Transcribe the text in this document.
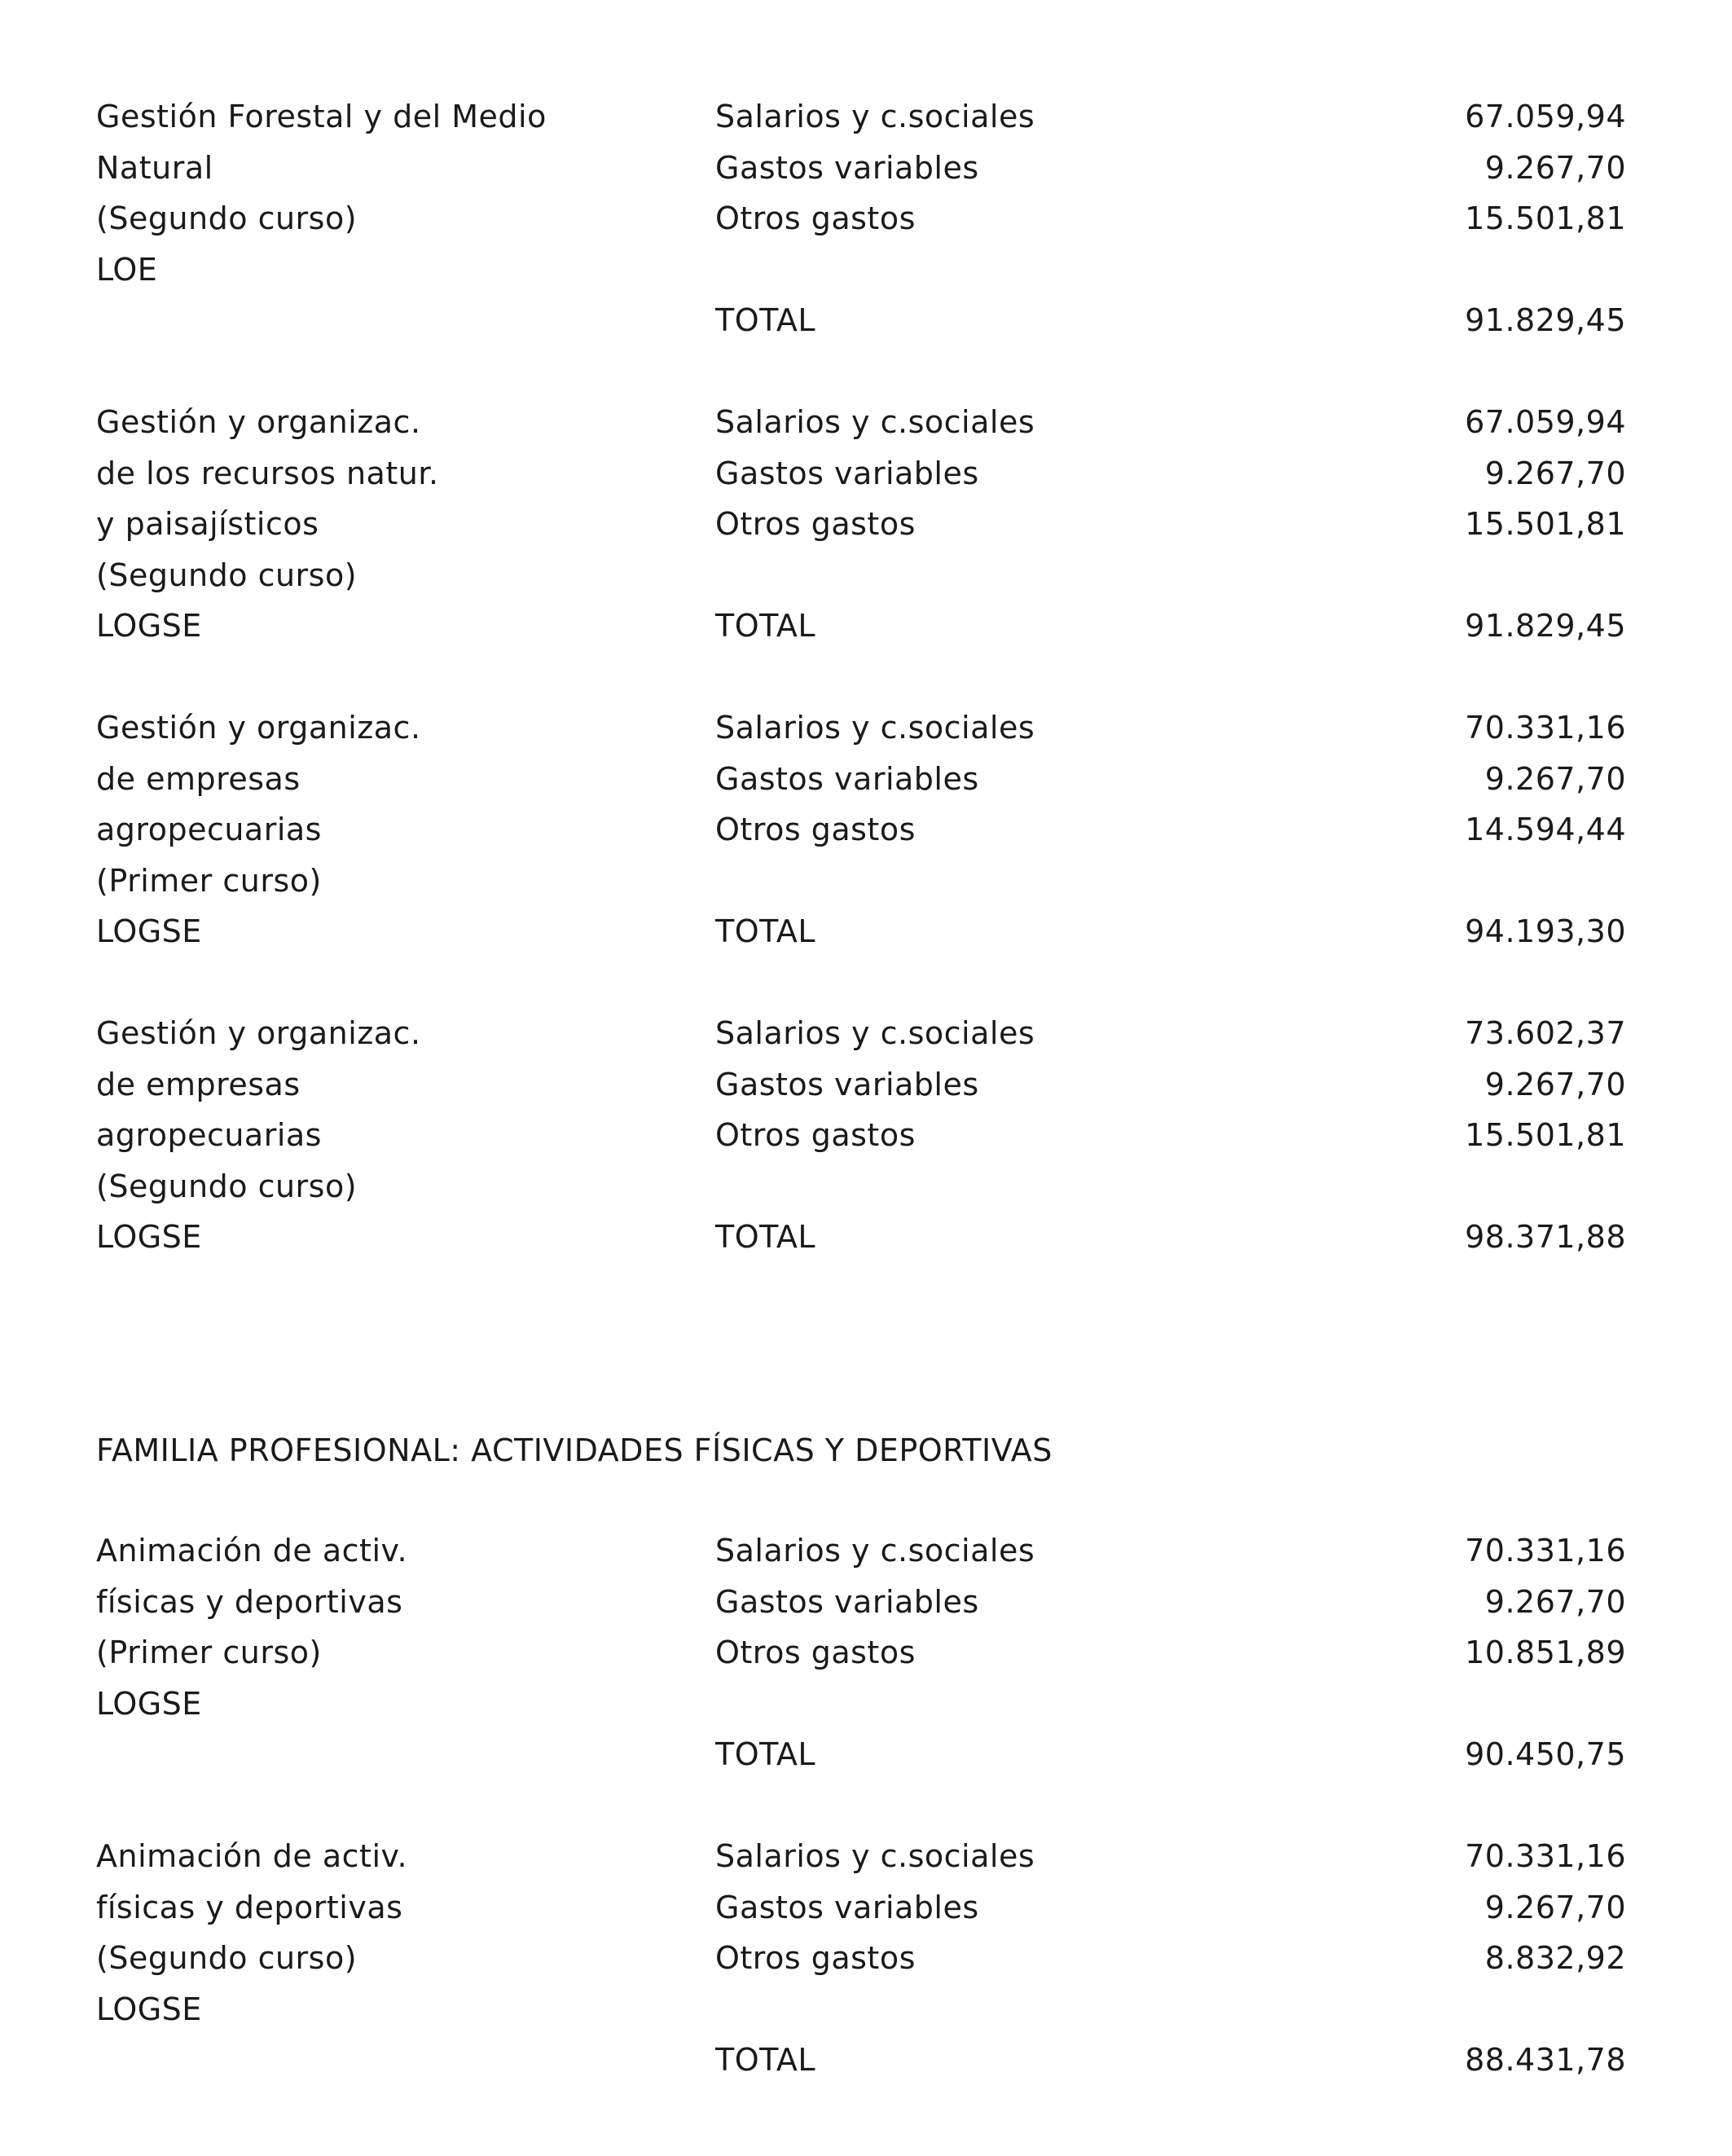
Gestión Forestal y del Medio
Natural
(Segundo curso)
LOE
Salarios y c.sociales	67.059,94
Gastos variables	9.267,70
Otros gastos	15.501,81
TOTAL	91.829,45
Gestión y organizac.
de los recursos natur.
y paisajísticos
(Segundo curso)
LOGSE
Salarios y c.sociales	67.059,94
Gastos variables	9.267,70
Otros gastos	15.501,81
TOTAL	91.829,45
Gestión y organizac.
de empresas
agropecuarias
(Primer curso)
LOGSE
Salarios y c.sociales	70.331,16
Gastos variables	9.267,70
Otros gastos	14.594,44
TOTAL	94.193,30
Gestión y organizac.
de empresas
agropecuarias
(Segundo curso)
LOGSE
Salarios y c.sociales	73.602,37
Gastos variables	9.267,70
Otros gastos	15.501,81
TOTAL	98.371,88
FAMILIA PROFESIONAL: ACTIVIDADES FÍSICAS Y DEPORTIVAS
Animación de activ.
físicas y deportivas
(Primer curso)
LOGSE
Salarios y c.sociales	70.331,16
Gastos variables	9.267,70
Otros gastos	10.851,89
TOTAL	90.450,75
Animación de activ.
físicas y deportivas
(Segundo curso)
LOGSE
Salarios y c.sociales	70.331,16
Gastos variables	9.267,70
Otros gastos	8.832,92
TOTAL	88.431,78
